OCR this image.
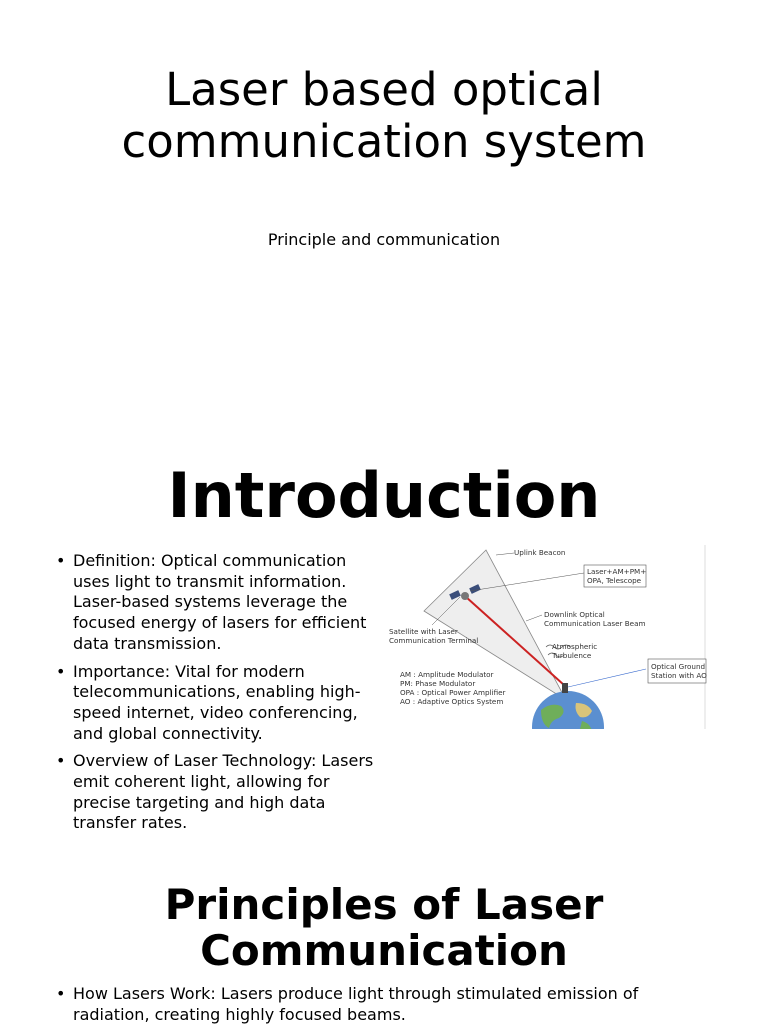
Laser based optical communication system
Principle and communication
Introduction
• Definition: Optical communication uses light to transmit information. Laser-based systems leverage the focused energy of lasers for efficient data transmission.
• Importance: Vital for modern telecommunications, enabling high-speed internet, video conferencing, and global connectivity.
• Overview of Laser Technology: Lasers emit coherent light, allowing for precise targeting and high data transfer rates.
Uplink Beacon
Laser+AM+PM+
OPA, Telescope
Downlink Optical
Communication Laser Beam
Satellite with Laser
Communication Terminal
Atmospheric
Turbulence
AM : Amplitude Modulator
PM: Phase Modulator
OPA : Optical Power Amplifier
AO : Adaptive Optics System
Optical Ground
Station with AO
Principles of Laser Communication
• How Lasers Work: Lasers produce light through stimulated emission of radiation, creating highly focused beams.
